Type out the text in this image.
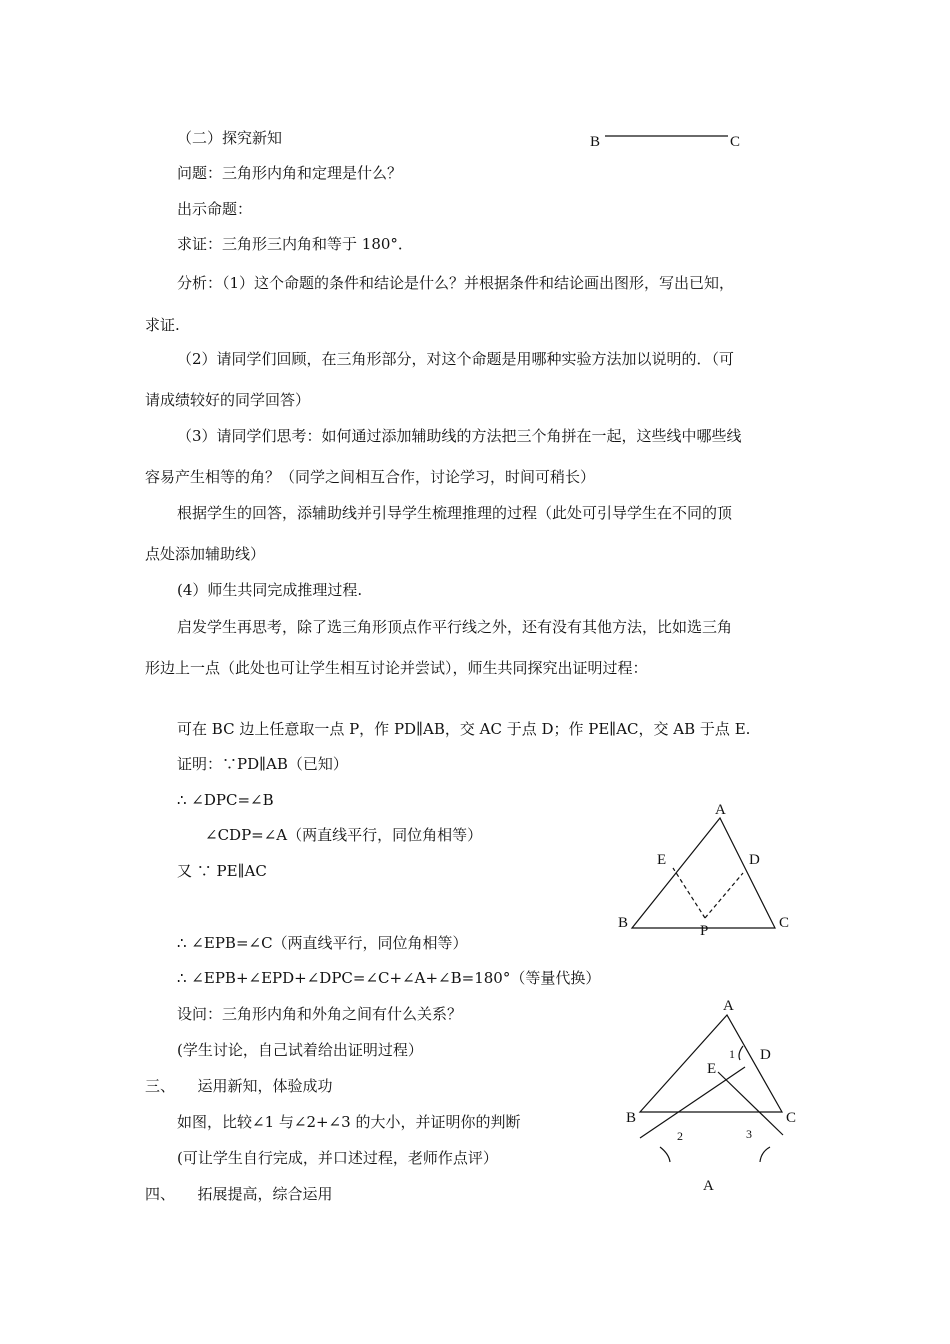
（二）探究新知
问题：三角形内角和定理是什么？
出示命题：
求证：三角形三内角和等于 180°．
分析：（1）这个命题的条件和结论是什么？并根据条件和结论画出图形，写出已知，
求证.
（2）请同学们回顾，在三角形部分，对这个命题是用哪种实验方法加以说明的．（可
请成绩较好的同学回答）
（3）请同学们思考：如何通过添加辅助线的方法把三个角拼在一起，这些线中哪些线
容易产生相等的角？（同学之间相互合作，讨论学习，时间可稍长）
根据学生的回答，添辅助线并引导学生梳理推理的过程（此处可引导学生在不同的顶
点处添加辅助线）
(4）师生共同完成推理过程.
启发学生再思考，除了选三角形顶点作平行线之外，还有没有其他方法，比如选三角
形边上一点（此处也可让学生相互讨论并尝试），师生共同探究出证明过程：
可在 BC 边上任意取一点 P，作 PD∥AB，交 AC 于点 D；作 PE∥AC，交 AB 于点 E.
证明：∵PD∥AB（已知）
∴ ∠DPC=∠B
∠CDP=∠A（两直线平行，同位角相等）
又 ∵ PE∥AC
∴ ∠EPB=∠C（两直线平行，同位角相等）
∴ ∠EPB+∠EPD+∠DPC=∠C+∠A+∠B=180°（等量代换）
设问：三角形内角和外角之间有什么关系？
(学生讨论，自己试着给出证明过程）
三、　　运用新知，体验成功
如图，比较∠1 与∠2+∠3 的大小，并证明你的判断
(可让学生自行完成，并口述过程，老师作点评）
四、　　拓展提高，综合运用
B	C
A
B	C
D
E
P
A
B	C
D
E
1
2	3
A
